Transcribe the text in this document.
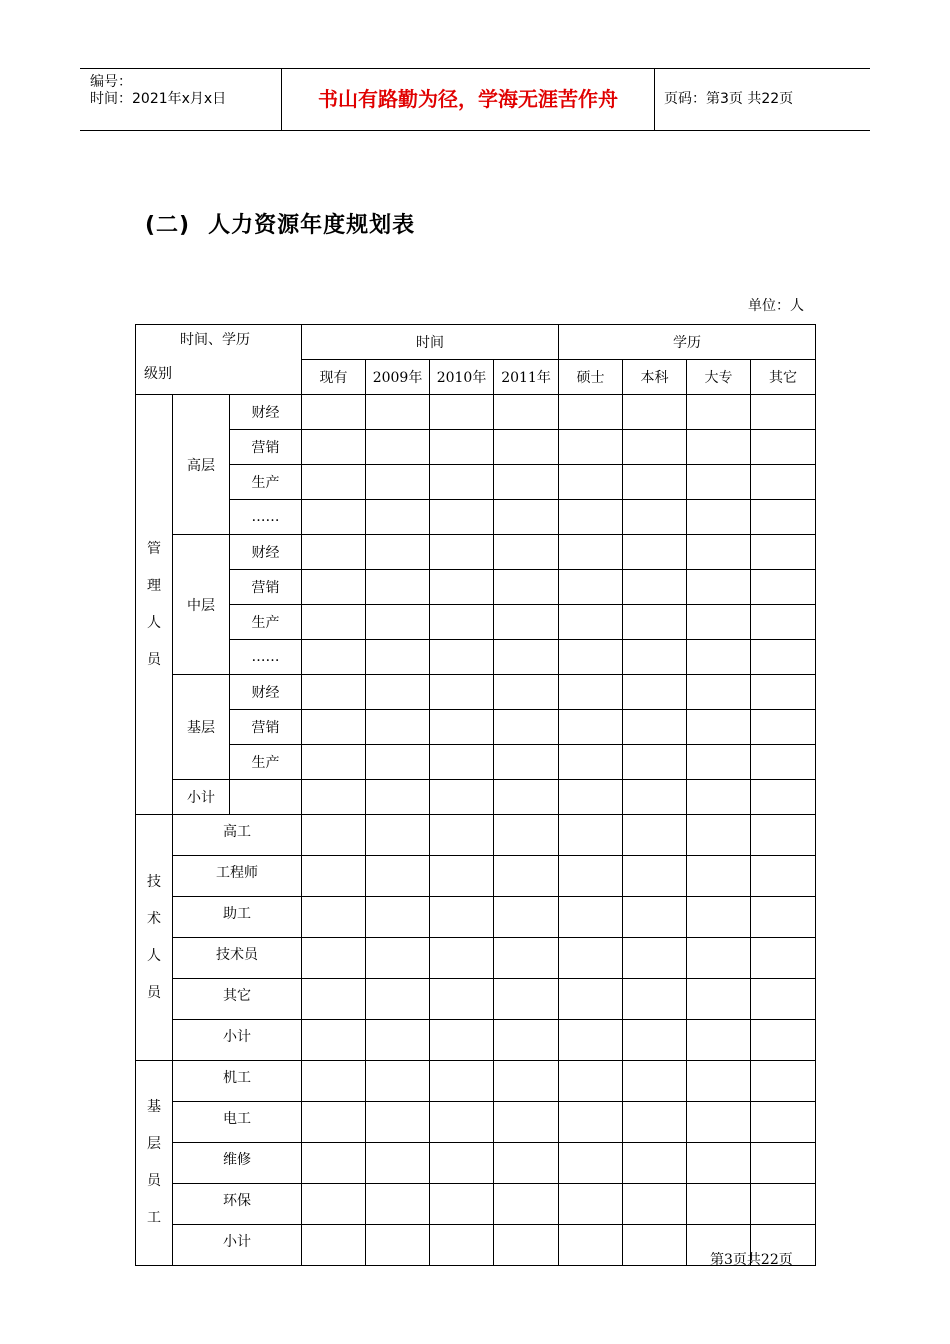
编号：
时间：2021年x月x日	书山有路勤为径，学海无涯苦作舟	页码：第3页 共22页
(二) 人力资源年度规划表
单位：人
时间、学历
级别			时间				学历			
			现有	2009年	2010年	2011年	硕士	本科	大专	其它

管
理
人
员	高层	财经								
		营销								
		生产								
		……								
	中层	财经								
		营销								
		生产								
		……								
	基层	财经								
		营销								
		生产								
	小计									

技
术
人
员	高工									
	工程师									
	助工									
	技术员									
	其它									
	小计									

基
层
员
工	机工									
	电工									
	维修									
	环保									
	小计									
第3页共22页
